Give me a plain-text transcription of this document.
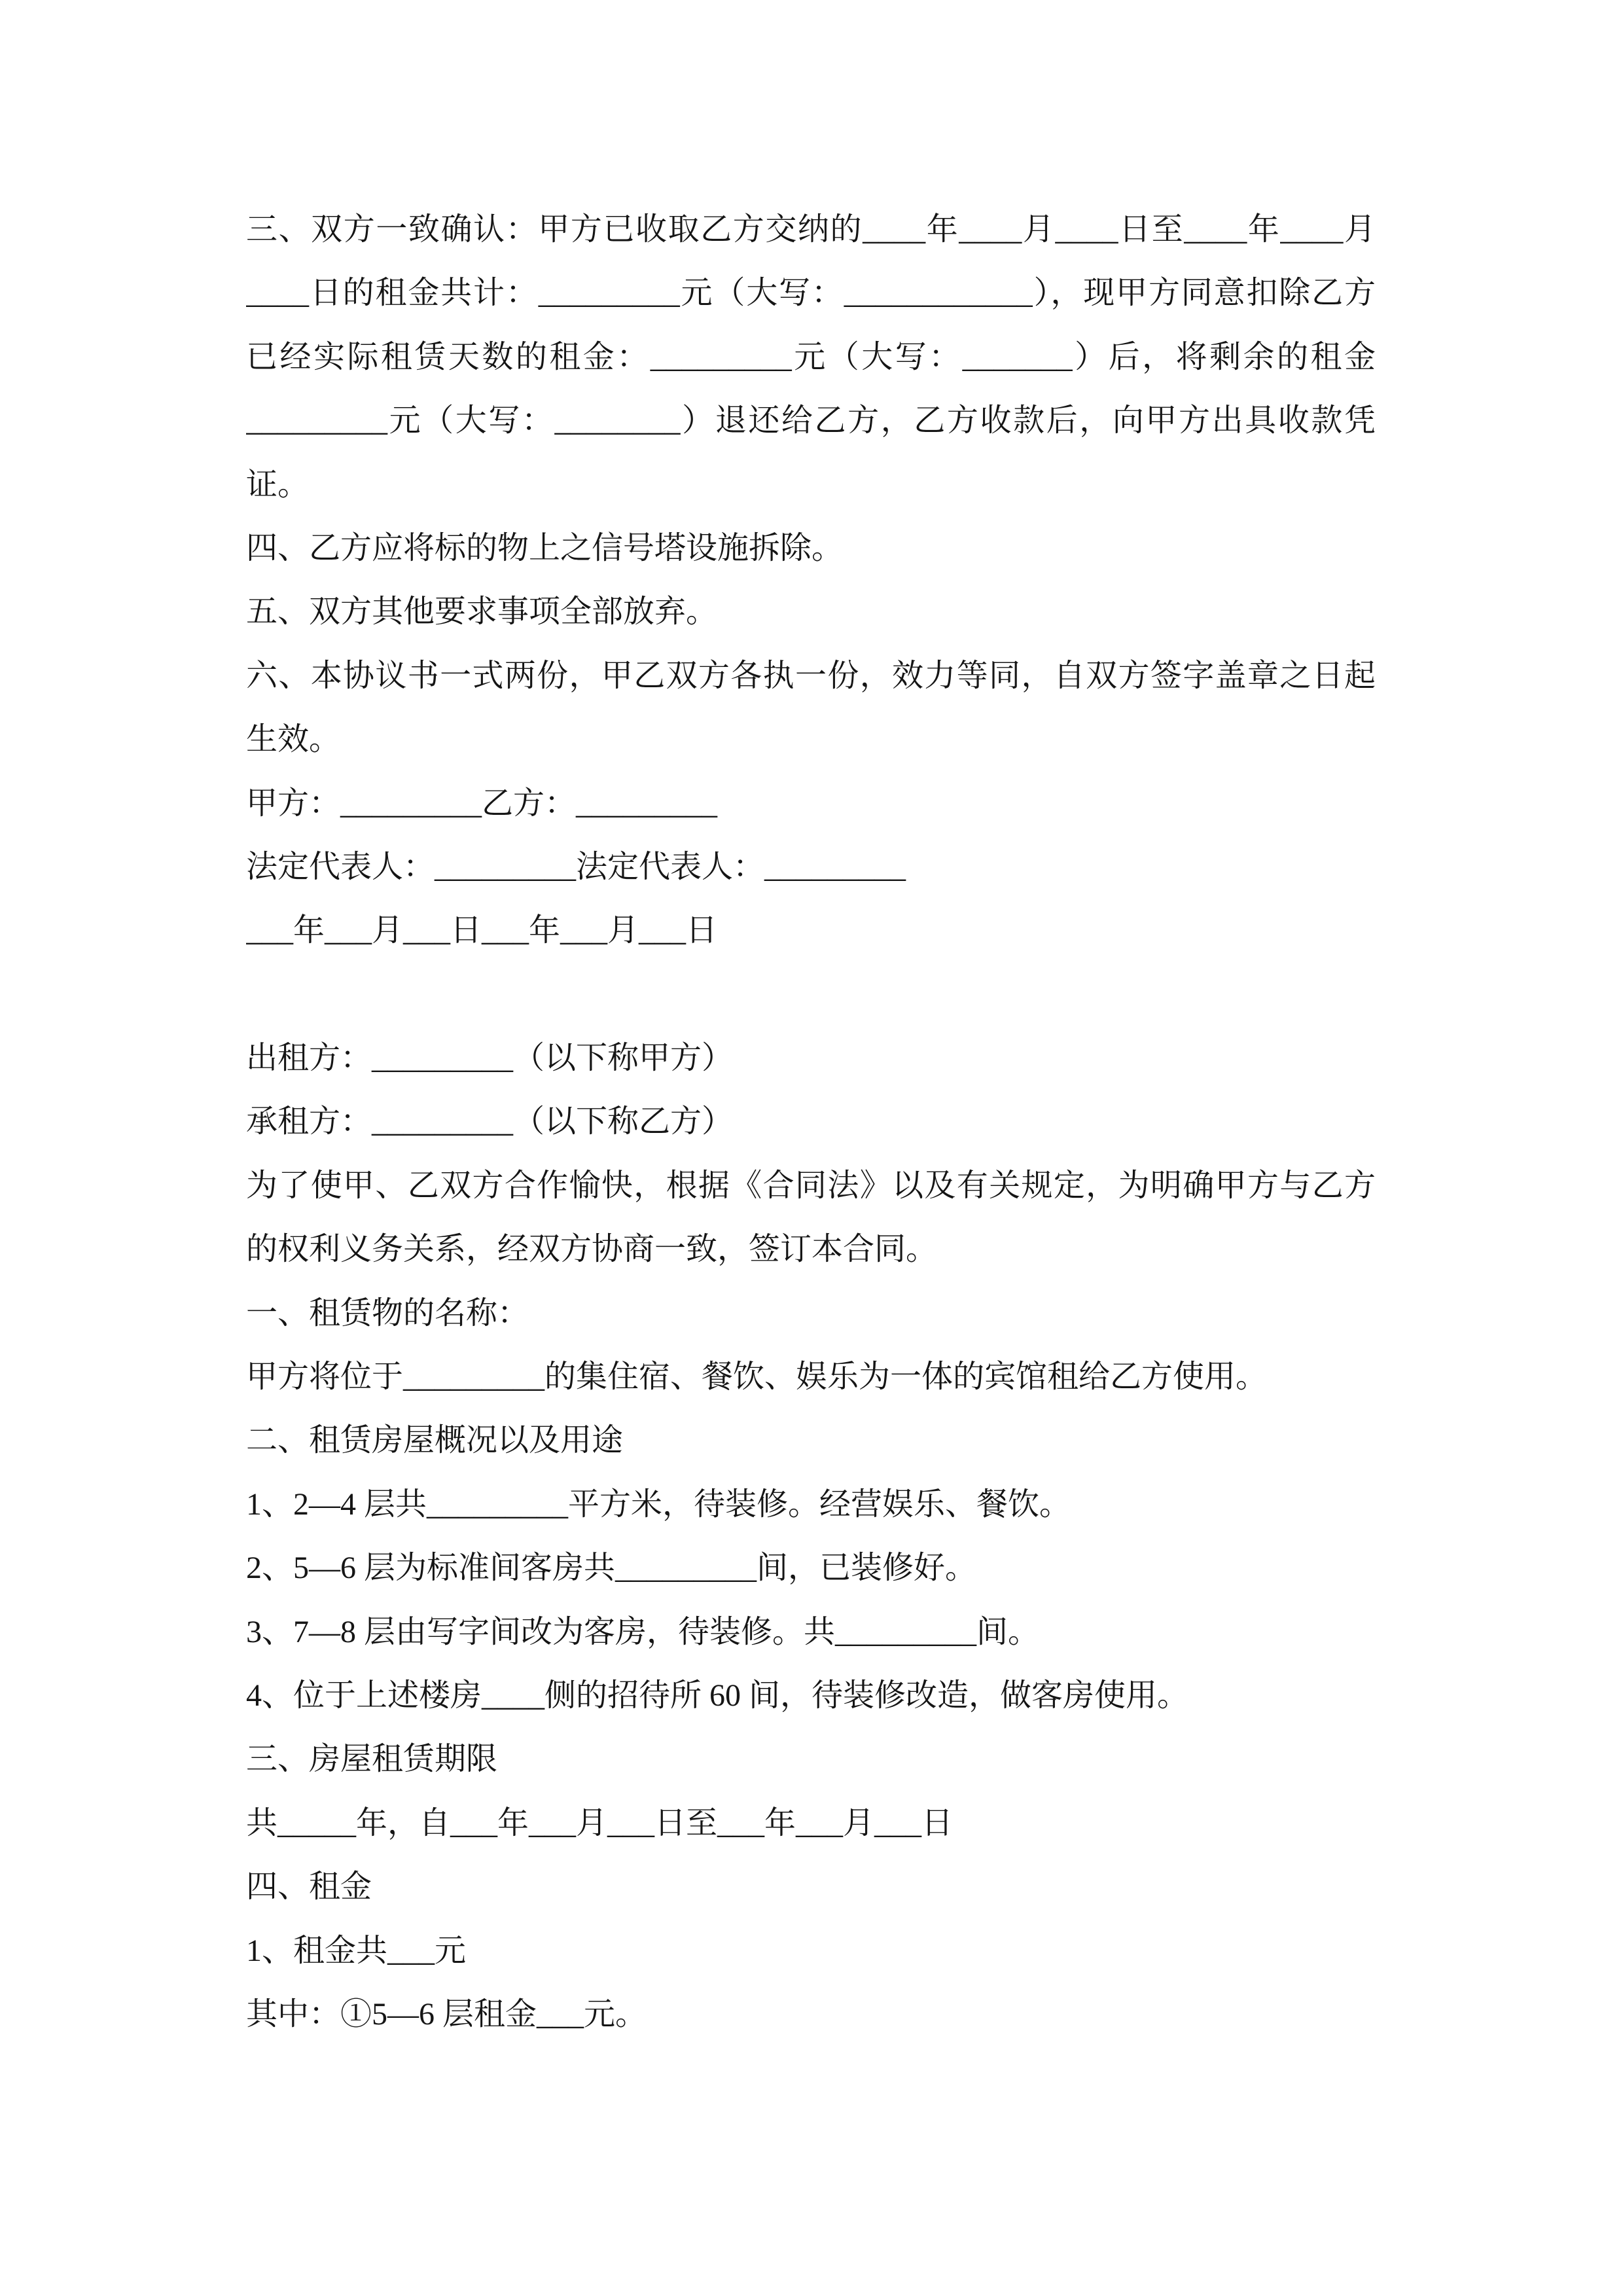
三、双方一致确认：甲方已收取乙方交纳的____年____月____日至____年____月
____日的租金共计：_________元（大写：____________），现甲方同意扣除乙方
已经实际租赁天数的租金：_________元（大写：_______）后，将剩余的租金
_________元（大写：________）退还给乙方，乙方收款后，向甲方出具收款凭
证。
四、乙方应将标的物上之信号塔设施拆除。
五、双方其他要求事项全部放弃。
六、本协议书一式两份，甲乙双方各执一份，效力等同，自双方签字盖章之日起
生效。
甲方：_________乙方：_________
法定代表人：_________法定代表人：_________
___年___月___日___年___月___日
出租方：_________（以下称甲方）
承租方：_________（以下称乙方）
为了使甲、乙双方合作愉快，根据《合同法》以及有关规定，为明确甲方与乙方
的权利义务关系，经双方协商一致，签订本合同。
一、租赁物的名称：
甲方将位于_________的集住宿、餐饮、娱乐为一体的宾馆租给乙方使用。
二、租赁房屋概况以及用途
1、2—4 层共_________平方米，待装修。经营娱乐、餐饮。
2、5—6 层为标准间客房共_________间，已装修好。
3、7—8 层由写字间改为客房，待装修。共_________间。
4、位于上述楼房____侧的招待所 60 间，待装修改造，做客房使用。
三、房屋租赁期限
共_____年，自___年___月___日至___年___月___日
四、租金
1、租金共___元
其中：①5—6 层租金___元。
